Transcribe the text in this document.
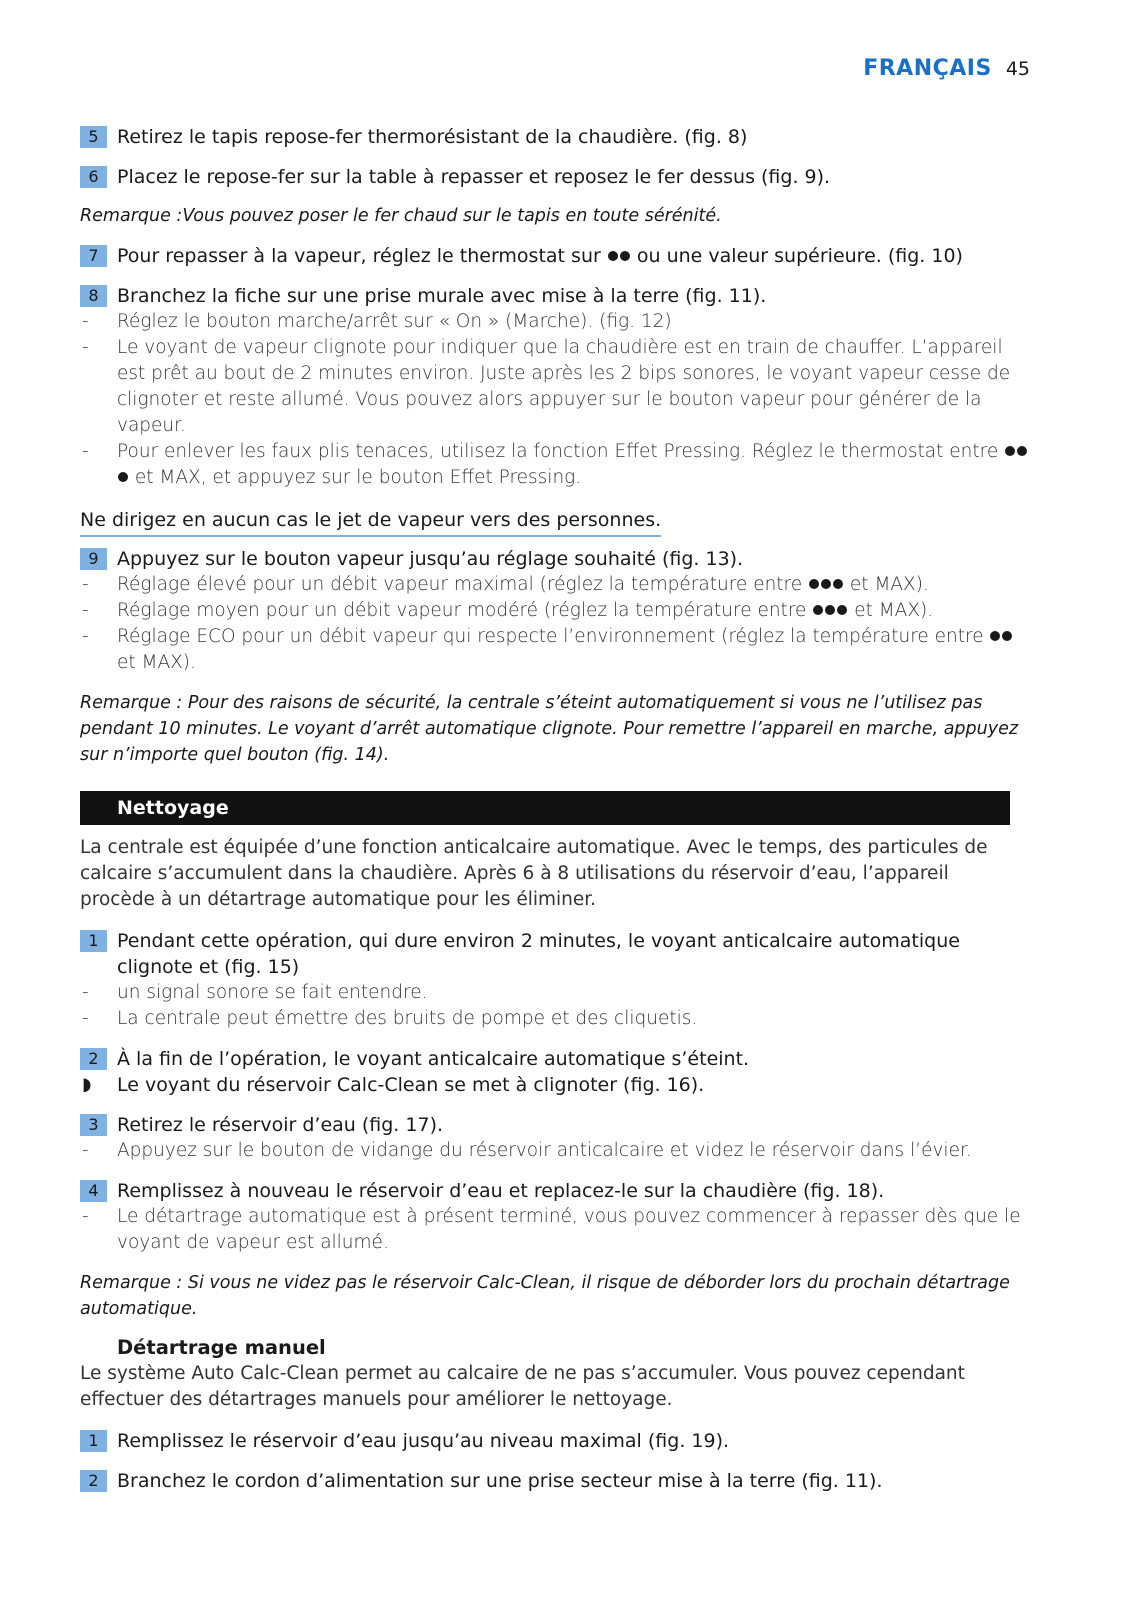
FRANÇAIS 45
5 Retirez le tapis repose-fer thermorésistant de la chaudière. (fig. 8)
6 Placez le repose-fer sur la table à repasser et reposez le fer dessus (fig. 9).
Remarque :Vous pouvez poser le fer chaud sur le tapis en toute sérénité.
7 Pour repasser à la vapeur, réglez le thermostat sur ou une valeur supérieure. (fig. 10)
8 Branchez la fiche sur une prise murale avec mise à la terre (fig. 11).
- Réglez le bouton marche/arrêt sur « On » (Marche). (fig. 12)
- Le voyant de vapeur clignote pour indiquer que la chaudière est en train de chauffer. L’appareil est prêt au bout de 2 minutes environ. Juste après les 2 bips sonores, le voyant vapeur cesse de clignoter et reste allumé. Vous pouvez alors appuyer sur le bouton vapeur pour générer de la vapeur.
- Pour enlever les faux plis tenaces, utilisez la fonction Effet Pressing. Réglez le thermostat entre  et MAX, et appuyez sur le bouton Effet Pressing.
Ne dirigez en aucun cas le jet de vapeur vers des personnes.
9 Appuyez sur le bouton vapeur jusqu’au réglage souhaité (fig. 13).
- Réglage élevé pour un débit vapeur maximal (réglez la température entre	et MAX).
- Réglage moyen pour un débit vapeur modéré (réglez la température entre	et MAX).
- Réglage ECO pour un débit vapeur qui respecte l’environnement (réglez la température entre  et MAX).
Remarque : Pour des raisons de sécurité, la centrale s’éteint automatiquement si vous ne l’utilisez pas pendant 10 minutes. Le voyant d’arrêt automatique clignote. Pour remettre l’appareil en marche, appuyez sur n’importe quel bouton (fig. 14).
Nettoyage
La centrale est équipée d’une fonction anticalcaire automatique. Avec le temps, des particules de calcaire s’accumulent dans la chaudière. Après 6 à 8 utilisations du réservoir d’eau, l’appareil procède à un détartrage automatique pour les éliminer.
1 Pendant cette opération, qui dure environ 2 minutes, le voyant anticalcaire automatique clignote et (fig. 15)
- un signal sonore se fait entendre.
- La centrale peut émettre des bruits de pompe et des cliquetis.
2 À la fin de l’opération, le voyant anticalcaire automatique s’éteint.
◗ Le voyant du réservoir Calc-Clean se met à clignoter (fig. 16).
3 Retirez le réservoir d’eau (fig. 17).
- Appuyez sur le bouton de vidange du réservoir anticalcaire et videz le réservoir dans l’évier.
4 Remplissez à nouveau le réservoir d’eau et replacez-le sur la chaudière (fig. 18).
- Le détartrage automatique est à présent terminé, vous pouvez commencer à repasser dès que le voyant de vapeur est allumé.
Remarque : Si vous ne videz pas le réservoir Calc-Clean, il risque de déborder lors du prochain détartrage automatique.
Détartrage manuel
Le système Auto Calc-Clean permet au calcaire de ne pas s’accumuler. Vous pouvez cependant effectuer des détartrages manuels pour améliorer le nettoyage.
1 Remplissez le réservoir d’eau jusqu’au niveau maximal (fig. 19).
2 Branchez le cordon d’alimentation sur une prise secteur mise à la terre (fig. 11).
